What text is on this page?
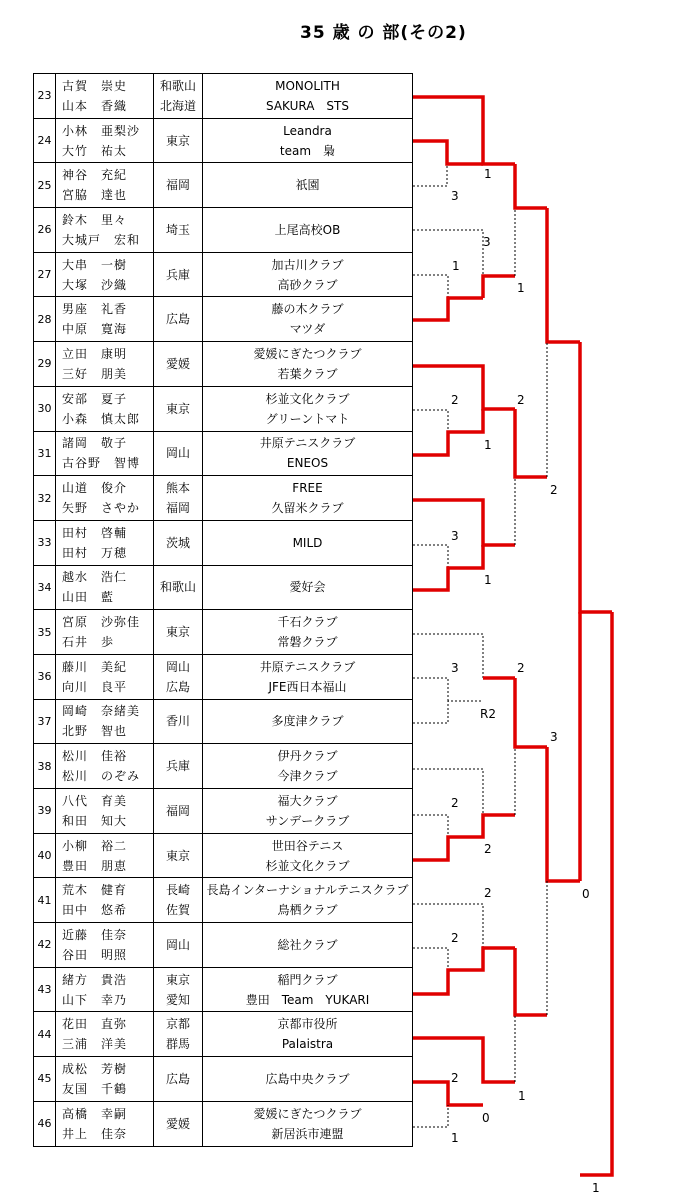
35 歳 の 部(その2)
23	古賀　崇史
山本　香織	和歌山
北海道	MONOLITH
SAKURA　STS

24	小林　亜梨沙
大竹　祐太	東京	Leandra
team　梟

25	神谷　充紀
宮脇　達也	福岡	祇園

26	鈴木　里々
大城戸　宏和	埼玉	上尾高校OB

27	大串　一樹
大塚　沙織	兵庫	加古川クラブ
高砂クラブ

28	男座　礼香
中原　寛海	広島	藤の木クラブ
マツダ

29	立田　康明
三好　朋美	愛媛	愛媛にぎたつクラブ
若葉クラブ

30	安部　夏子
小森　慎太郎	東京	杉並文化クラブ
グリーントマト

31	諸岡　敬子
古谷野　智博	岡山	井原テニスクラブ
ENEOS

32	山道　俊介
矢野　さやか	熊本
福岡	FREE
久留米クラブ

33	田村　啓輔
田村　万穂	茨城	MILD

34	越水　浩仁
山田　藍	和歌山	愛好会

35	宮原　沙弥佳
石井　歩	東京	千石クラブ
常磐クラブ

36	藤川　美紀
向川　良平	岡山
広島	井原テニスクラブ
JFE西日本福山

37	岡崎　奈緒美
北野　智也	香川	多度津クラブ

38	松川　佳裕
松川　のぞみ	兵庫	伊丹クラブ
今津クラブ

39	八代　育美
和田　知大	福岡	福大クラブ
サンデークラブ

40	小柳　裕二
豊田　朋恵	東京	世田谷テニス
杉並文化クラブ

41	荒木　健育
田中　悠希	長崎
佐賀	長島インターナショナルテニスクラブ
鳥栖クラブ

42	近藤　佳奈
谷田　明照	岡山	総社クラブ

43	緒方　貴浩
山下　幸乃	東京
愛知	稲門クラブ
豊田　Team　YUKARI

44	花田　直弥
三浦　洋美	京都
群馬	京都市役所
Palaistra

45	成松　芳樹
友国　千鶴	広島	広島中央クラブ

46	高橋　幸嗣
井上　佳奈	愛媛	愛媛にぎたつクラブ
新居浜市連盟
1
3
3
1
1
2	2
1
2
3
1
3
R2
2
3
2
2
2
2
2
0
1
0
1
1
